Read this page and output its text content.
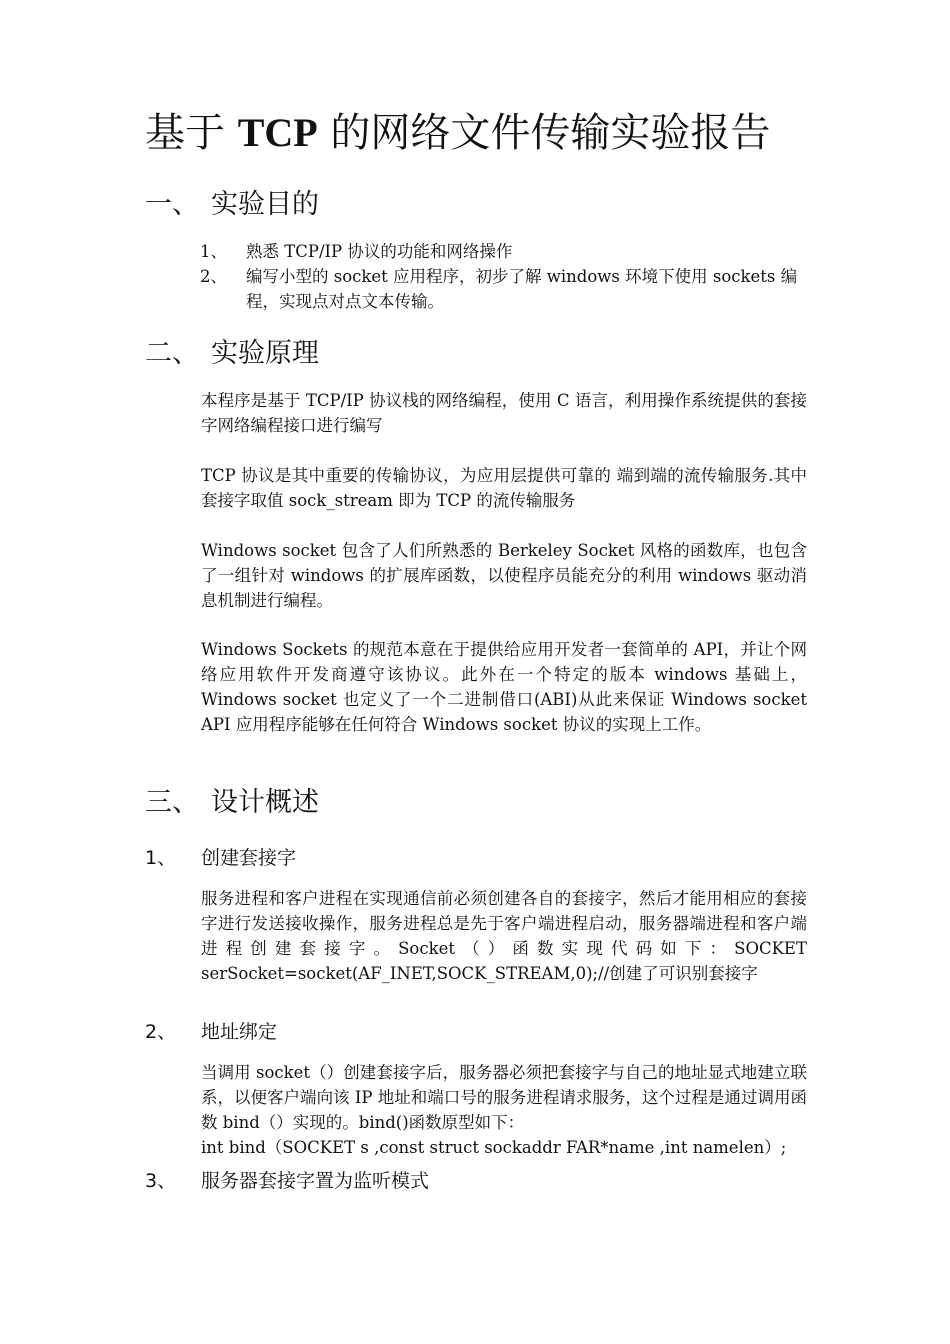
基于 TCP 的网络文件传输实验报告
一、 实验目的
1、 熟悉 TCP/IP 协议的功能和网络操作
2、 编写小型的 socket 应用程序，初步了解 windows 环境下使用 sockets 编程，实现点对点文本传输。
二、 实验原理
本程序是基于 TCP/IP 协议栈的网络编程，使用 C 语言，利用操作系统提供的套接字网络编程接口进行编写
TCP 协议是其中重要的传输协议，为应用层提供可靠的 端到端的流传输服务.其中套接字取值 sock_stream 即为 TCP 的流传输服务
Windows socket 包含了人们所熟悉的 Berkeley Socket 风格的函数库，也包含了一组针对 windows 的扩展库函数，以使程序员能充分的利用 windows 驱动消息机制进行编程。
Windows Sockets 的规范本意在于提供给应用开发者一套简单的 API，并让个网络应用软件开发商遵守该协议。此外在一个特定的版本 windows 基础上，Windows socket 也定义了一个二进制借口(ABI)从此来保证 Windows socket API 应用程序能够在任何符合 Windows socket 协议的实现上工作。
三、 设计概述
1、 创建套接字
服务进程和客户进程在实现通信前必须创建各自的套接字，然后才能用相应的套接字进行发送接收操作，服务进程总是先于客户端进程启动，服务器端进程和客户端进程创建套接字。Socket（）函数实现代码如下：SOCKET serSocket=socket(AF_INET,SOCK_STREAM,0);//创建了可识别套接字
2、 地址绑定
当调用 socket（）创建套接字后，服务器必须把套接字与自己的地址显式地建立联系，以便客户端向该 IP 地址和端口号的服务进程请求服务，这个过程是通过调用函数 bind（）实现的。bind()函数原型如下：
int bind（SOCKET s ,const struct sockaddr FAR*name ,int namelen）;
3、 服务器套接字置为监听模式
